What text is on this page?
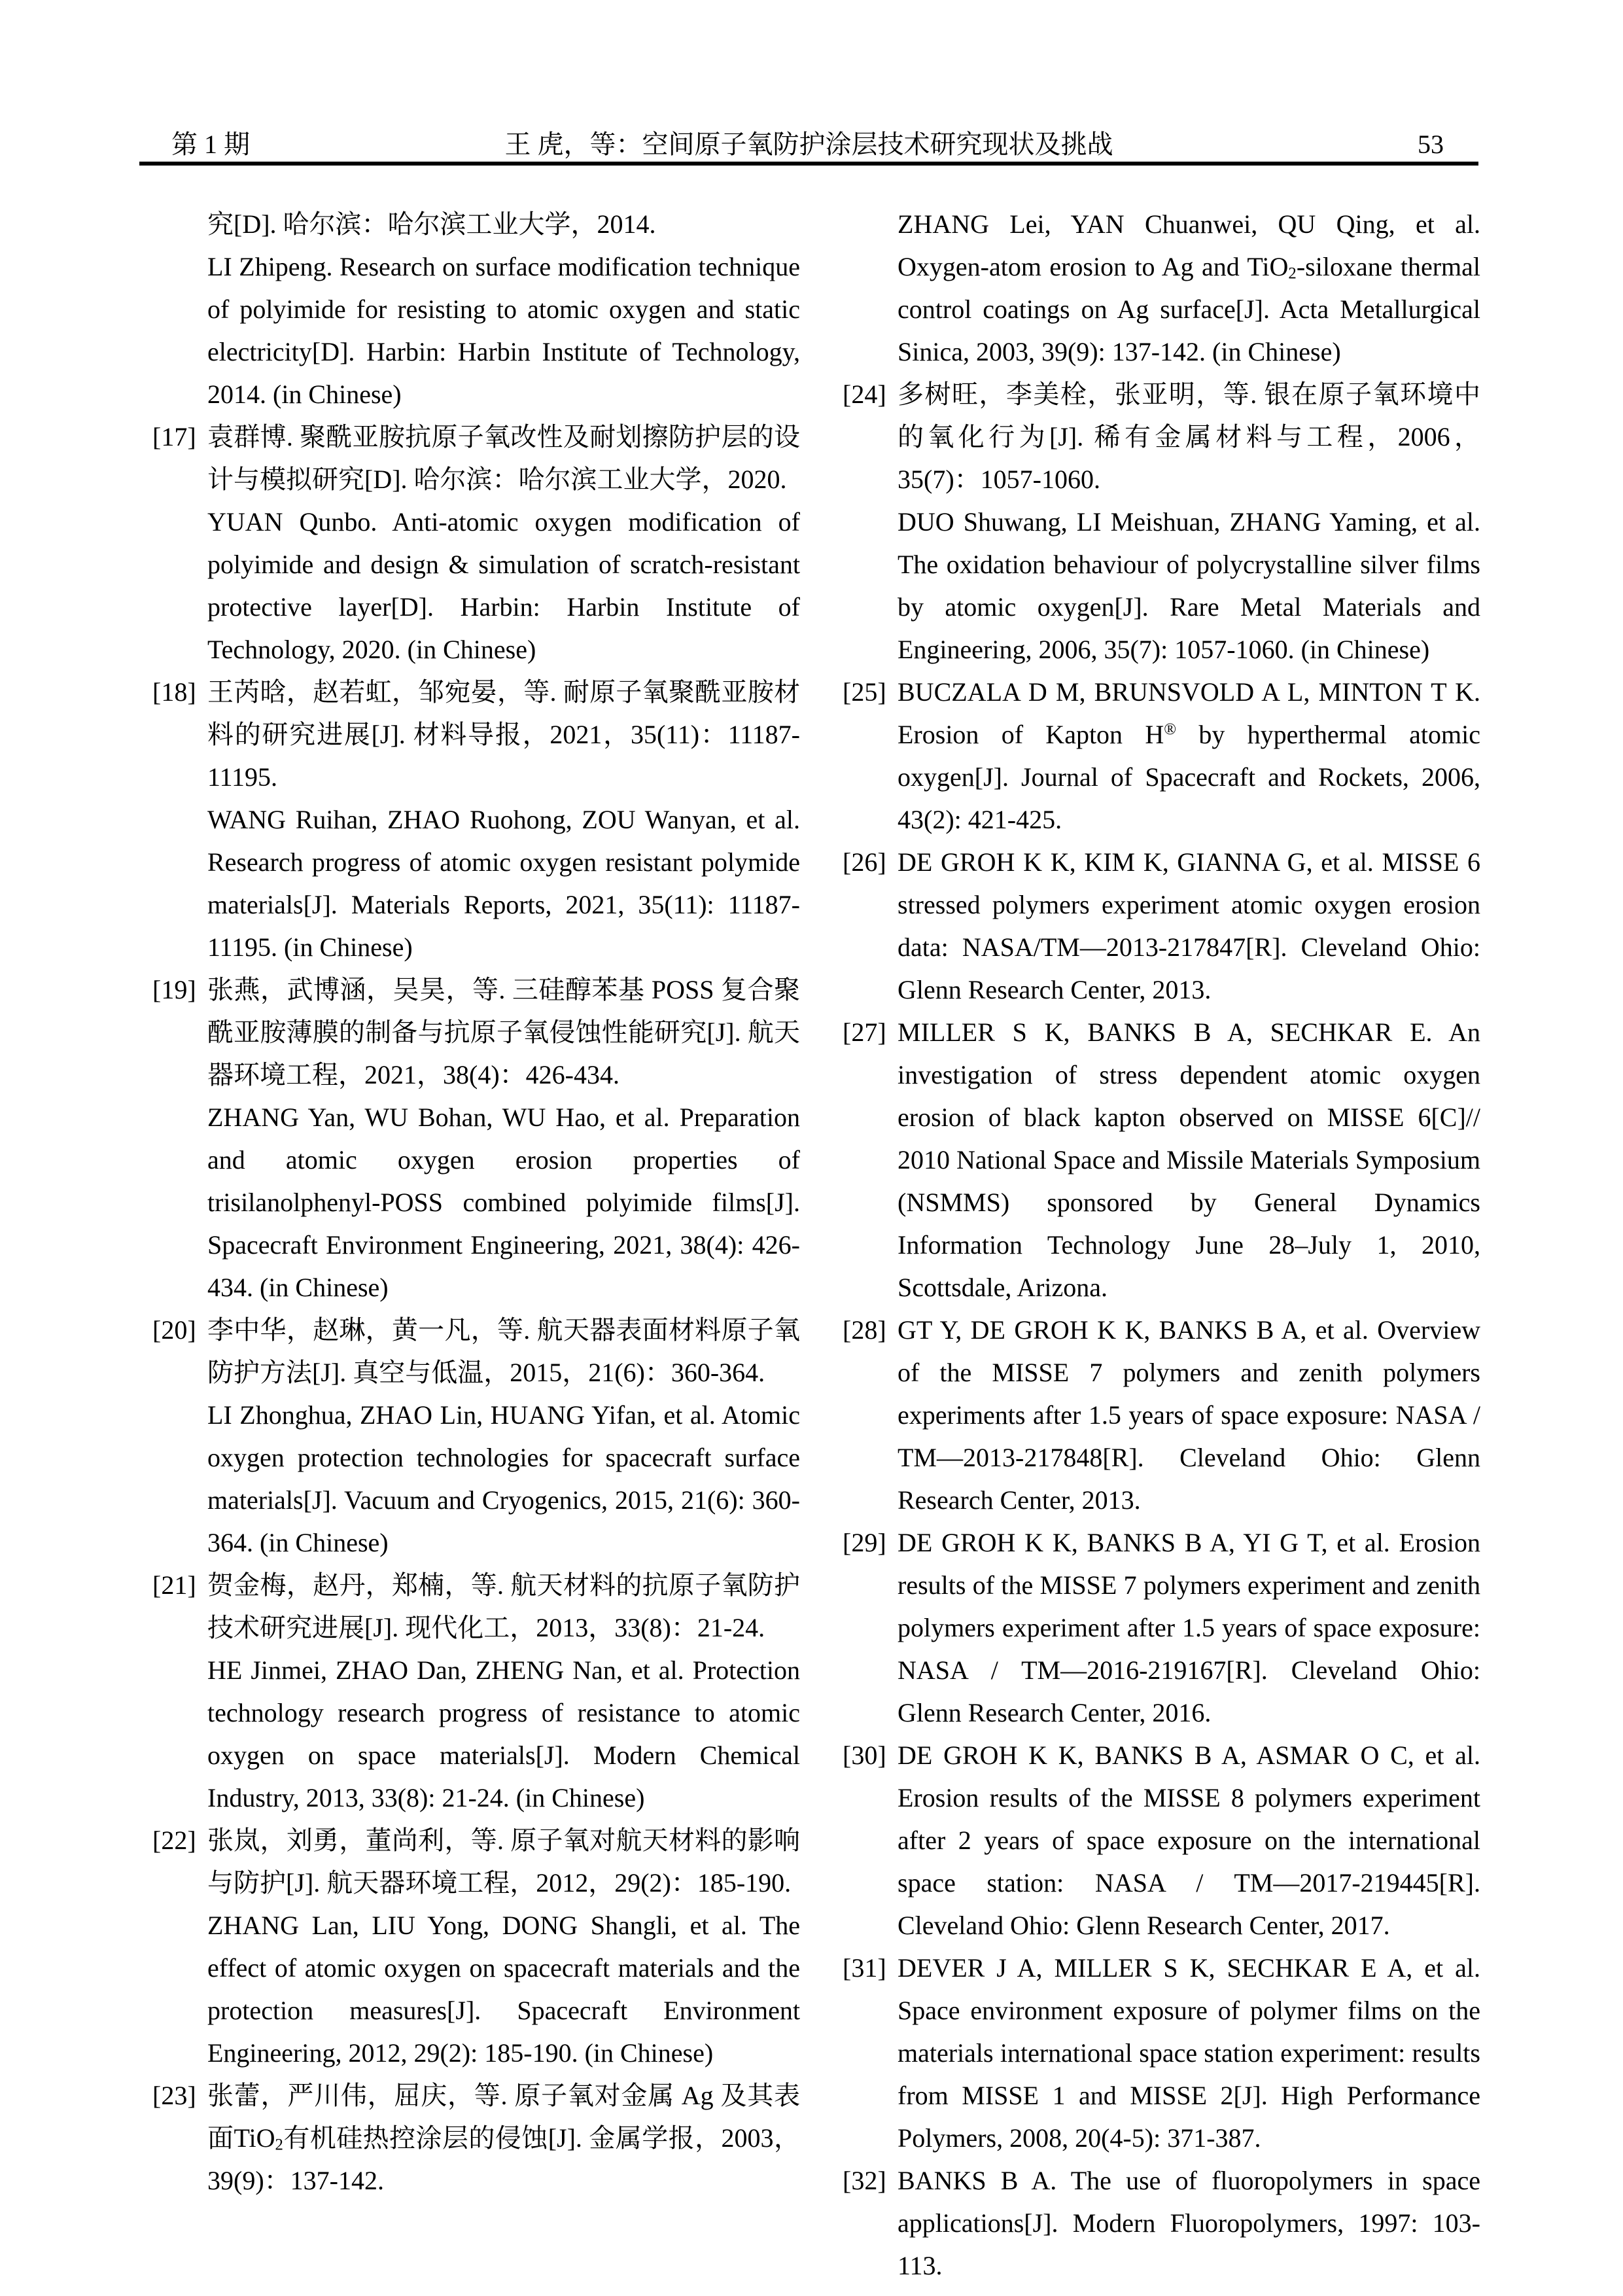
第 1 期	王 虎，等：空间原子氧防护涂层技术研究现状及挑战	53

究[D]. 哈尔滨：哈尔滨工业大学，2014.

LI Zhipeng. Research on surface modification technique of polyimide for resisting to atomic oxygen and static electricity[D]. Harbin: Harbin Institute of Technology, 2014. (in Chinese)

[17] 袁群博. 聚酰亚胺抗原子氧改性及耐划擦防护层的设计与模拟研究[D]. 哈尔滨：哈尔滨工业大学，2020.

YUAN Qunbo. Anti-atomic oxygen modification of polyimide and design & simulation of scratch-resistant protective layer[D]. Harbin: Harbin Institute of Technology, 2020. (in Chinese)

[18] 王芮晗，赵若虹，邹宛晏，等. 耐原子氧聚酰亚胺材料的研究进展[J]. 材料导报，2021，35(11)：11187-11195.

WANG Ruihan, ZHAO Ruohong, ZOU Wanyan, et al. Research progress of atomic oxygen resistant polymide materials[J]. Materials Reports, 2021, 35(11): 11187-11195. (in Chinese)

[19] 张燕，武博涵，吴昊，等. 三硅醇苯基 POSS 复合聚酰亚胺薄膜的制备与抗原子氧侵蚀性能研究[J]. 航天器环境工程，2021，38(4)：426-434.

ZHANG Yan, WU Bohan, WU Hao, et al. Preparation and atomic oxygen erosion properties of trisilanolphenyl-POSS combined polyimide films[J]. Spacecraft Environment Engineering, 2021, 38(4): 426-434. (in Chinese)

[20] 李中华，赵琳，黄一凡，等. 航天器表面材料原子氧防护方法[J]. 真空与低温，2015，21(6)：360-364.

LI Zhonghua, ZHAO Lin, HUANG Yifan, et al. Atomic oxygen protection technologies for spacecraft surface materials[J]. Vacuum and Cryogenics, 2015, 21(6): 360-364. (in Chinese)

[21] 贺金梅，赵丹，郑楠，等. 航天材料的抗原子氧防护技术研究进展[J]. 现代化工，2013，33(8)：21-24.

HE Jinmei, ZHAO Dan, ZHENG Nan, et al. Protection technology research progress of resistance to atomic oxygen on space materials[J]. Modern Chemical Industry, 2013, 33(8): 21-24. (in Chinese)

[22] 张岚，刘勇，董尚利，等. 原子氧对航天材料的影响与防护[J]. 航天器环境工程，2012，29(2)：185-190.

ZHANG Lan, LIU Yong, DONG Shangli, et al. The effect of atomic oxygen on spacecraft materials and the protection measures[J]. Spacecraft Environment Engineering, 2012, 29(2): 185-190. (in Chinese)

[23] 张蕾，严川伟，屈庆，等. 原子氧对金属 Ag 及其表面TiO$_2$有机硅热控涂层的侵蚀[J]. 金属学报，2003，39(9)：137-142.

ZHANG Lei, YAN Chuanwei, QU Qing, et al. Oxygen-atom erosion to Ag and TiO$_2$-siloxane thermal control coatings on Ag surface[J]. Acta Metallurgical Sinica, 2003, 39(9): 137-142. (in Chinese)

[24] 多树旺，李美栓，张亚明，等. 银在原子氧环境中的氧化行为[J]. 稀有金属材料与工程，2006，35(7)：1057-1060.

DUO Shuwang, LI Meishuan, ZHANG Yaming, et al. The oxidation behaviour of polycrystalline silver films by atomic oxygen[J]. Rare Metal Materials and Engineering, 2006, 35(7): 1057-1060. (in Chinese)

[25] BUCZALA D M, BRUNSVOLD A L, MINTON T K. Erosion of Kapton H® by hyperthermal atomic oxygen[J]. Journal of Spacecraft and Rockets, 2006, 43(2): 421-425.

[26] DE GROH K K, KIM K, GIANNA G, et al. MISSE 6 stressed polymers experiment atomic oxygen erosion data: NASA/TM—2013-217847[R]. Cleveland Ohio: Glenn Research Center, 2013.

[27] MILLER S K, BANKS B A, SECHKAR E. An investigation of stress dependent atomic oxygen erosion of black kapton observed on MISSE 6[C]// 2010 National Space and Missile Materials Symposium (NSMMS) sponsored by General Dynamics Information Technology June 28–July 1, 2010, Scottsdale, Arizona.

[28] GT Y, DE GROH K K, BANKS B A, et al. Overview of the MISSE 7 polymers and zenith polymers experiments after 1.5 years of space exposure: NASA / TM—2013-217848[R]. Cleveland Ohio: Glenn Research Center, 2013.

[29] DE GROH K K, BANKS B A, YI G T, et al. Erosion results of the MISSE 7 polymers experiment and zenith polymers experiment after 1.5 years of space exposure: NASA / TM—2016-219167[R]. Cleveland Ohio: Glenn Research Center, 2016.

[30] DE GROH K K, BANKS B A, ASMAR O C, et al. Erosion results of the MISSE 8 polymers experiment after 2 years of space exposure on the international space station: NASA / TM—2017-219445[R]. Cleveland Ohio: Glenn Research Center, 2017.

[31] DEVER J A, MILLER S K, SECHKAR E A, et al. Space environment exposure of polymer films on the materials international space station experiment: results from MISSE 1 and MISSE 2[J]. High Performance Polymers, 2008, 20(4-5): 371-387.

[32] BANKS B A. The use of fluoropolymers in space applications[J]. Modern Fluoropolymers, 1997: 103-113.
